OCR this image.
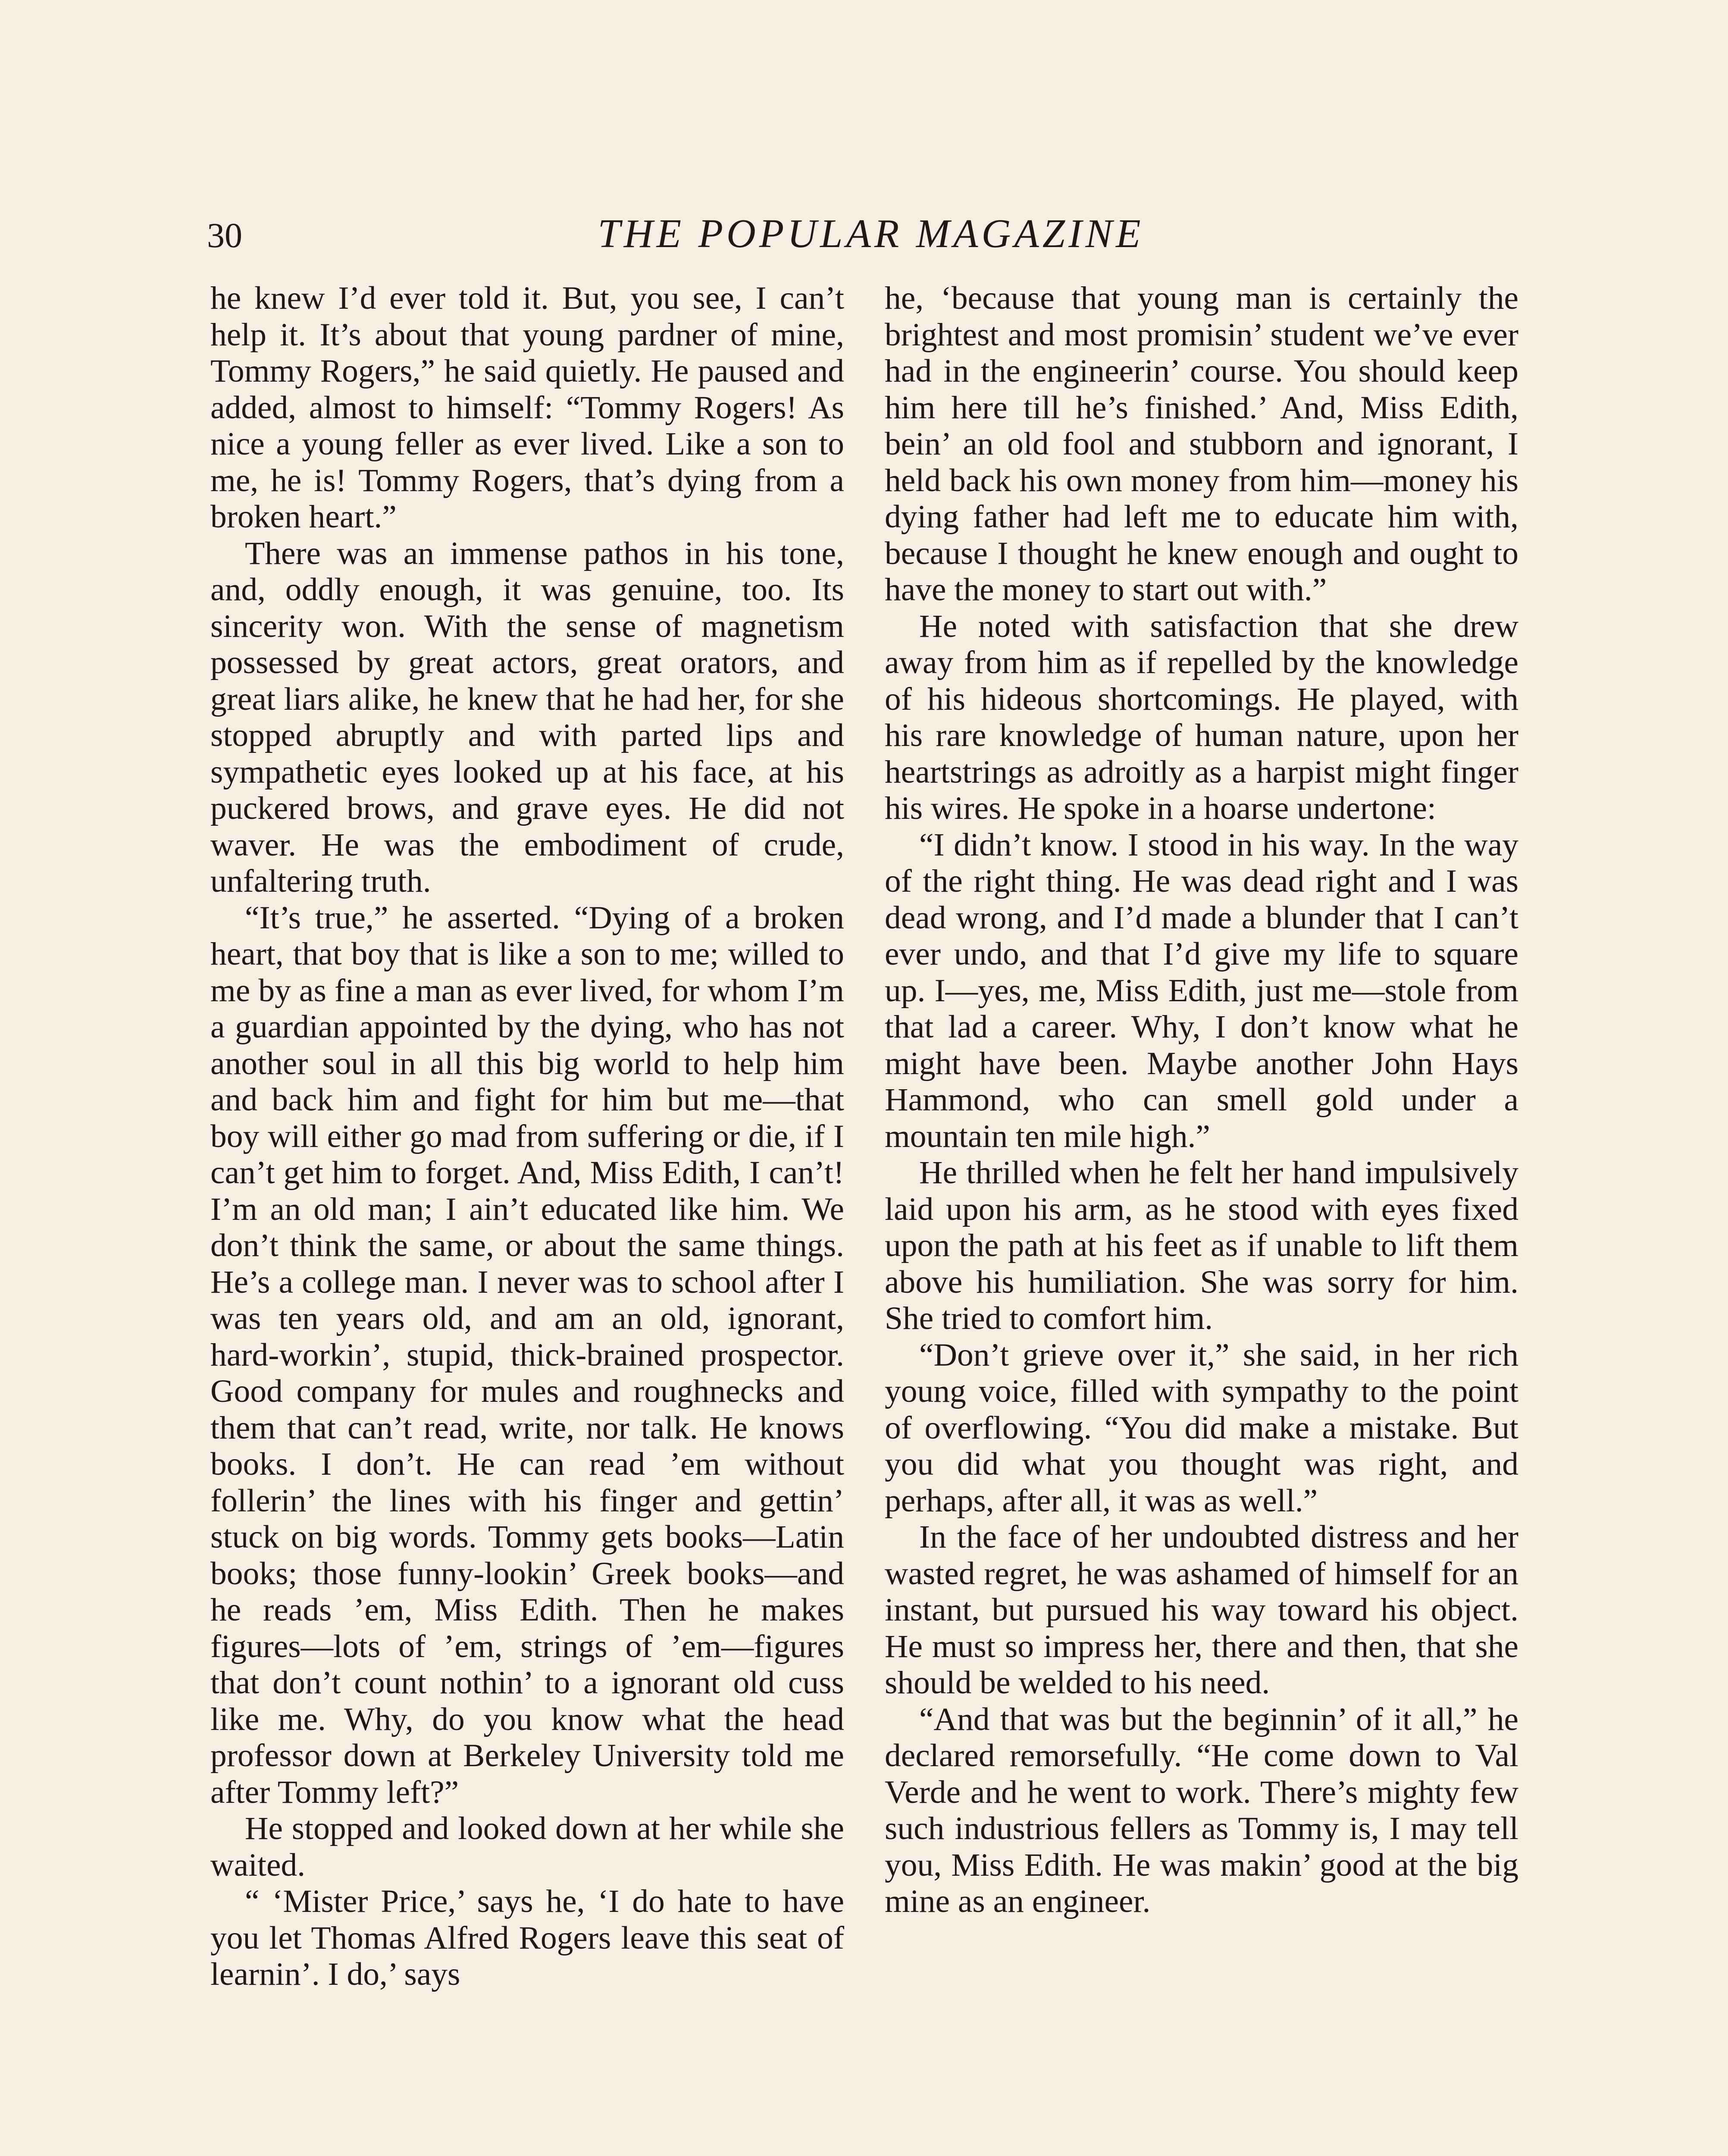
30	THE POPULAR MAGAZINE

he knew I’d ever told it. But, you see, I can’t help it. It’s about that young pardner of mine, Tommy Rogers,” he said quietly. He paused and added, almost to himself: “Tommy Rogers! As nice a young feller as ever lived. Like a son to me, he is! Tommy Rogers, that’s dying from a broken heart.”

There was an immense pathos in his tone, and, oddly enough, it was genuine, too. Its sincerity won. With the sense of magnetism possessed by great actors, great orators, and great liars alike, he knew that he had her, for she stopped abruptly and with parted lips and sympathetic eyes looked up at his face, at his puckered brows, and grave eyes. He did not waver. He was the embodiment of crude, unfaltering truth.

“It’s true,” he asserted. “Dying of a broken heart, that boy that is like a son to me; willed to me by as fine a man as ever lived, for whom I’m a guardian appointed by the dying, who has not another soul in all this big world to help him and back him and fight for him but me—that boy will either go mad from suffering or die, if I can’t get him to forget. And, Miss Edith, I can’t! I’m an old man; I ain’t educated like him. We don’t think the same, or about the same things. He’s a college man. I never was to school after I was ten years old, and am an old, ignorant, hard-workin’, stupid, thick-brained prospector. Good company for mules and roughnecks and them that can’t read, write, nor talk. He knows books. I don’t. He can read ’em without follerin’ the lines with his finger and gettin’ stuck on big words. Tommy gets books—Latin books; those funny-lookin’ Greek books—and he reads ’em, Miss Edith. Then he makes figures—lots of ’em, strings of ’em—figures that don’t count nothin’ to a ignorant old cuss like me. Why, do you know what the head professor down at Berkeley University told me after Tommy left?”

He stopped and looked down at her while she waited.

“ ‘Mister Price,’ says he, ‘I do hate to have you let Thomas Alfred Rogers leave this seat of learnin’. I do,’ says

he, ‘because that young man is certainly the brightest and most promisin’ student we’ve ever had in the engineerin’ course. You should keep him here till he’s finished.’ And, Miss Edith, bein’ an old fool and stubborn and ignorant, I held back his own money from him—money his dying father had left me to educate him with, because I thought he knew enough and ought to have the money to start out with.”

He noted with satisfaction that she drew away from him as if repelled by the knowledge of his hideous shortcomings. He played, with his rare knowledge of human nature, upon her heartstrings as adroitly as a harpist might finger his wires. He spoke in a hoarse undertone:

“I didn’t know. I stood in his way. In the way of the right thing. He was dead right and I was dead wrong, and I’d made a blunder that I can’t ever undo, and that I’d give my life to square up. I—yes, me, Miss Edith, just me—stole from that lad a career. Why, I don’t know what he might have been. Maybe another John Hays Hammond, who can smell gold under a mountain ten mile high.”

He thrilled when he felt her hand impulsively laid upon his arm, as he stood with eyes fixed upon the path at his feet as if unable to lift them above his humiliation. She was sorry for him. She tried to comfort him.

“Don’t grieve over it,” she said, in her rich young voice, filled with sympathy to the point of overflowing. “You did make a mistake. But you did what you thought was right, and perhaps, after all, it was as well.”

In the face of her undoubted distress and her wasted regret, he was ashamed of himself for an instant, but pursued his way toward his object. He must so impress her, there and then, that she should be welded to his need.

“And that was but the beginnin’ of it all,” he declared remorsefully. “He come down to Val Verde and he went to work. There’s mighty few such industrious fellers as Tommy is, I may tell you, Miss Edith. He was makin’ good at the big mine as an engineer.
